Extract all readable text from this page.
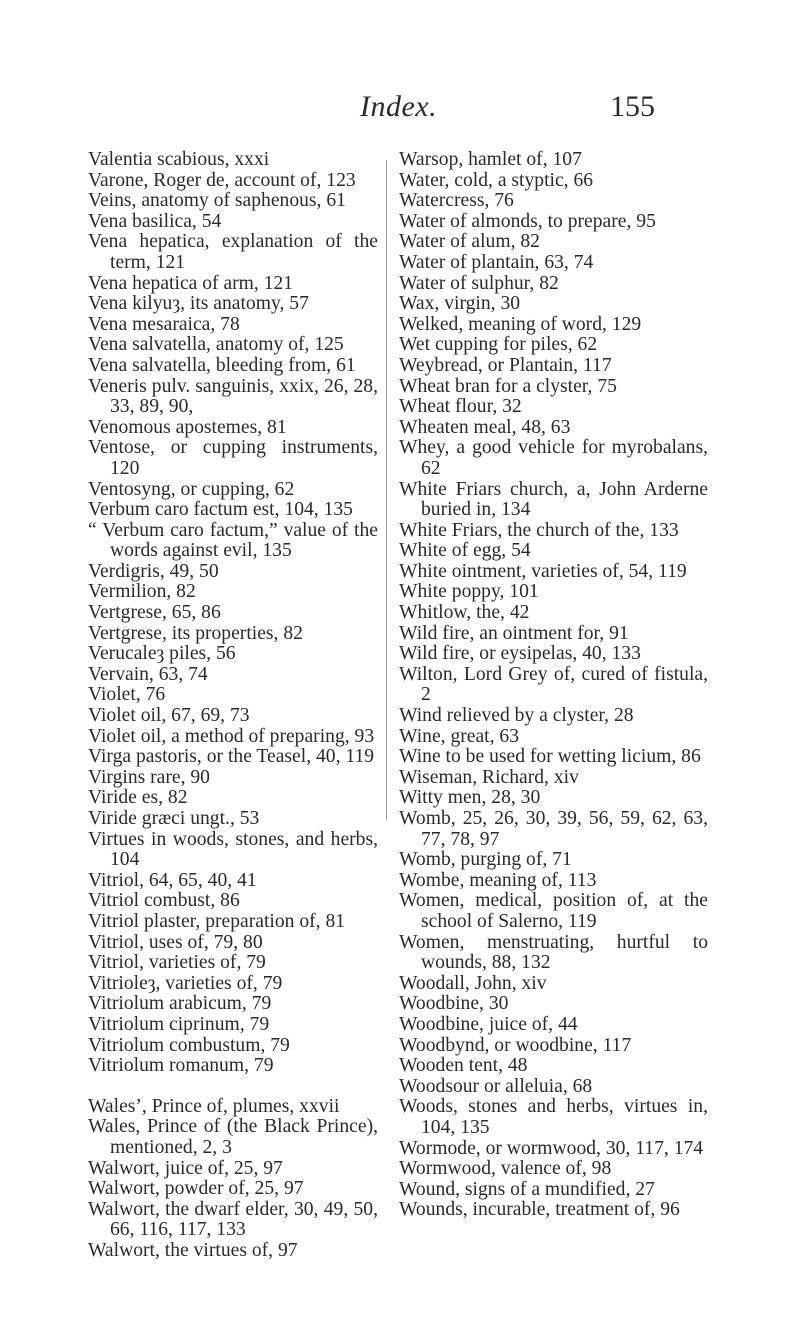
Index.	155
Valentia scabious, xxxi
Varone, Roger de, account of, 123
Veins, anatomy of saphenous, 61
Vena basilica, 54
Vena hepatica, explanation of the term, 121
Vena hepatica of arm, 121
Vena kilyuȝ, its anatomy, 57
Vena mesaraica, 78
Vena salvatella, anatomy of, 125
Vena salvatella, bleeding from, 61
Veneris pulv. sanguinis, xxix, 26, 28, 33, 89, 90,
Venomous apostemes, 81
Ventose, or cupping instruments, 120
Ventosyng, or cupping, 62
Verbum caro factum est, 104, 135
“ Verbum caro factum,” value of the words against evil, 135
Verdigris, 49, 50
Vermilion, 82
Vertgrese, 65, 86
Vertgrese, its properties, 82
Verucaleȝ piles, 56
Vervain, 63, 74
Violet, 76
Violet oil, 67, 69, 73
Violet oil, a method of preparing, 93
Virga pastoris, or the Teasel, 40, 119
Virgins rare, 90
Viride es, 82
Viride græci ungt., 53
Virtues in woods, stones, and herbs, 104
Vitriol, 64, 65, 40, 41
Vitriol combust, 86
Vitriol plaster, preparation of, 81
Vitriol, uses of, 79, 80
Vitriol, varieties of, 79
Vitrioleȝ, varieties of, 79
Vitriolum arabicum, 79
Vitriolum ciprinum, 79
Vitriolum combustum, 79
Vitriolum romanum, 79
Wales’, Prince of, plumes, xxvii
Wales, Prince of (the Black Prince), mentioned, 2, 3
Walwort, juice of, 25, 97
Walwort, powder of, 25, 97
Walwort, the dwarf elder, 30, 49, 50, 66, 116, 117, 133
Walwort, the virtues of, 97
Warsop, hamlet of, 107
Water, cold, a styptic, 66
Watercress, 76
Water of almonds, to prepare, 95
Water of alum, 82
Water of plantain, 63, 74
Water of sulphur, 82
Wax, virgin, 30
Welked, meaning of word, 129
Wet cupping for piles, 62
Weybread, or Plantain, 117
Wheat bran for a clyster, 75
Wheat flour, 32
Wheaten meal, 48, 63
Whey, a good vehicle for myrobalans, 62
White Friars church, a, John Arderne buried in, 134
White Friars, the church of the, 133
White of egg, 54
White ointment, varieties of, 54, 119
White poppy, 101
Whitlow, the, 42
Wild fire, an ointment for, 91
Wild fire, or eysipelas, 40, 133
Wilton, Lord Grey of, cured of fistula, 2
Wind relieved by a clyster, 28
Wine, great, 63
Wine to be used for wetting licium, 86
Wiseman, Richard, xiv
Witty men, 28, 30
Womb, 25, 26, 30, 39, 56, 59, 62, 63, 77, 78, 97
Womb, purging of, 71
Wombe, meaning of, 113
Women, medical, position of, at the school of Salerno, 119
Women, menstruating, hurtful to wounds, 88, 132
Woodall, John, xiv
Woodbine, 30
Woodbine, juice of, 44
Woodbynd, or woodbine, 117
Wooden tent, 48
Woodsour or alleluia, 68
Woods, stones and herbs, virtues in, 104, 135
Wormode, or wormwood, 30, 117, 174
Wormwood, valence of, 98
Wound, signs of a mundified, 27
Wounds, incurable, treatment of, 96
